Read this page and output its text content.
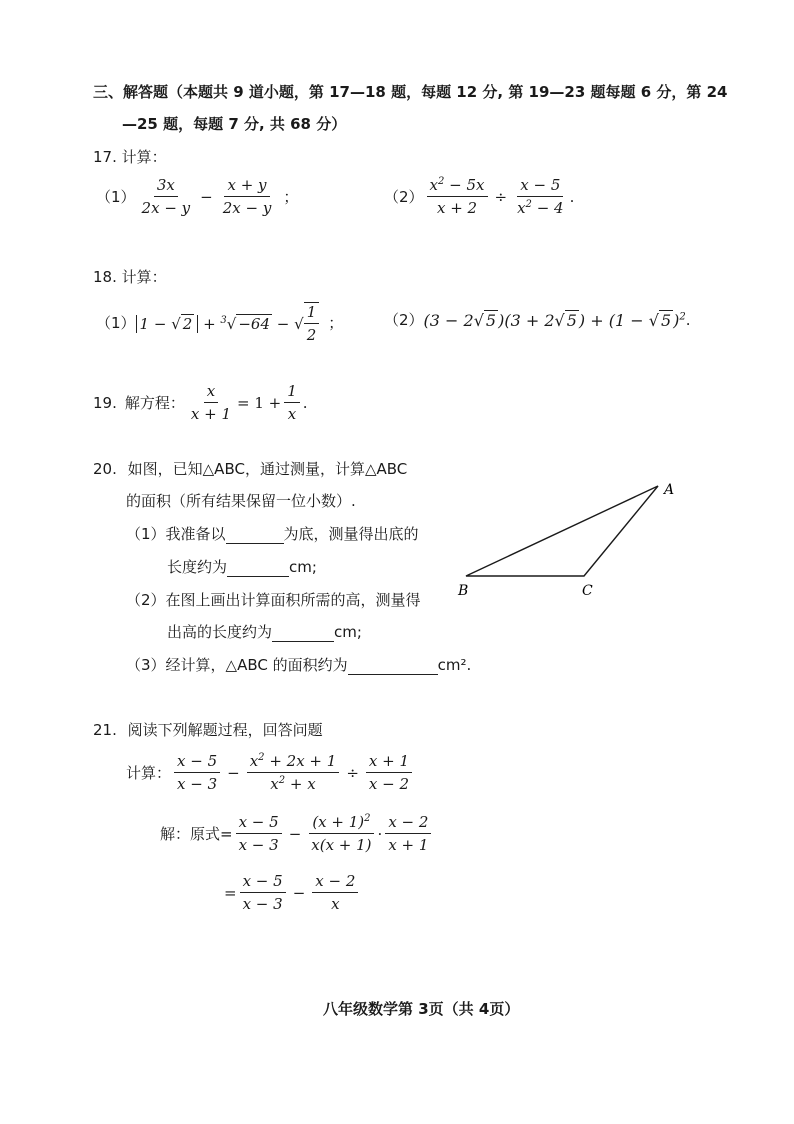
三、解答题（本题共 9 道小题，第 17—18 题，每题 12 分, 第 19—23 题每题 6 分，第 24
—25 题，每题 7 分, 共 68 分）
17. 计算：
$(1) \frac{3x}{2x - y} - \frac{x + y}{2x - y}$ ；	$(2) \frac{x^2 - 5x}{x + 2} \div \frac{x - 5}{x^2 - 4}$ .
18. 计算：
（1） 1 − √ 2 + $^3$√ −64 − √ $\frac{1}{2}$ ；	（2） (3 − 2√ 5 )(3 + 2√ 5 ) + (1 − √ 5 )$^2$ .
19. 解方程： $\frac{x}{x + 1} = 1 + \frac{1}{x}$ .
20. 如图，已知△ABC，通过测量，计算△ABC
的面积（所有结果保留一位小数）.
（1）我准备以	为底，测量得出底的
长度约为	cm;
（2）在图上画出计算面积所需的高，测量得
出高的长度约为	cm;
（3）经计算，△ABC 的面积约为	cm².
A
B	C
21. 阅读下列解题过程，回答问题
计算： $\frac{x - 5}{x - 3} - \frac{x^2 + 2x + 1}{x^2 + x} \div \frac{x + 1}{x - 2}$
解：原式= $\frac{x - 5}{x - 3} - \frac{(x + 1)^2}{x(x + 1)} \cdot \frac{x - 2}{x + 1}$
= $\frac{x - 5}{x - 3} - \frac{x - 2}{x}$
八年级数学第 3页（共 4页）
